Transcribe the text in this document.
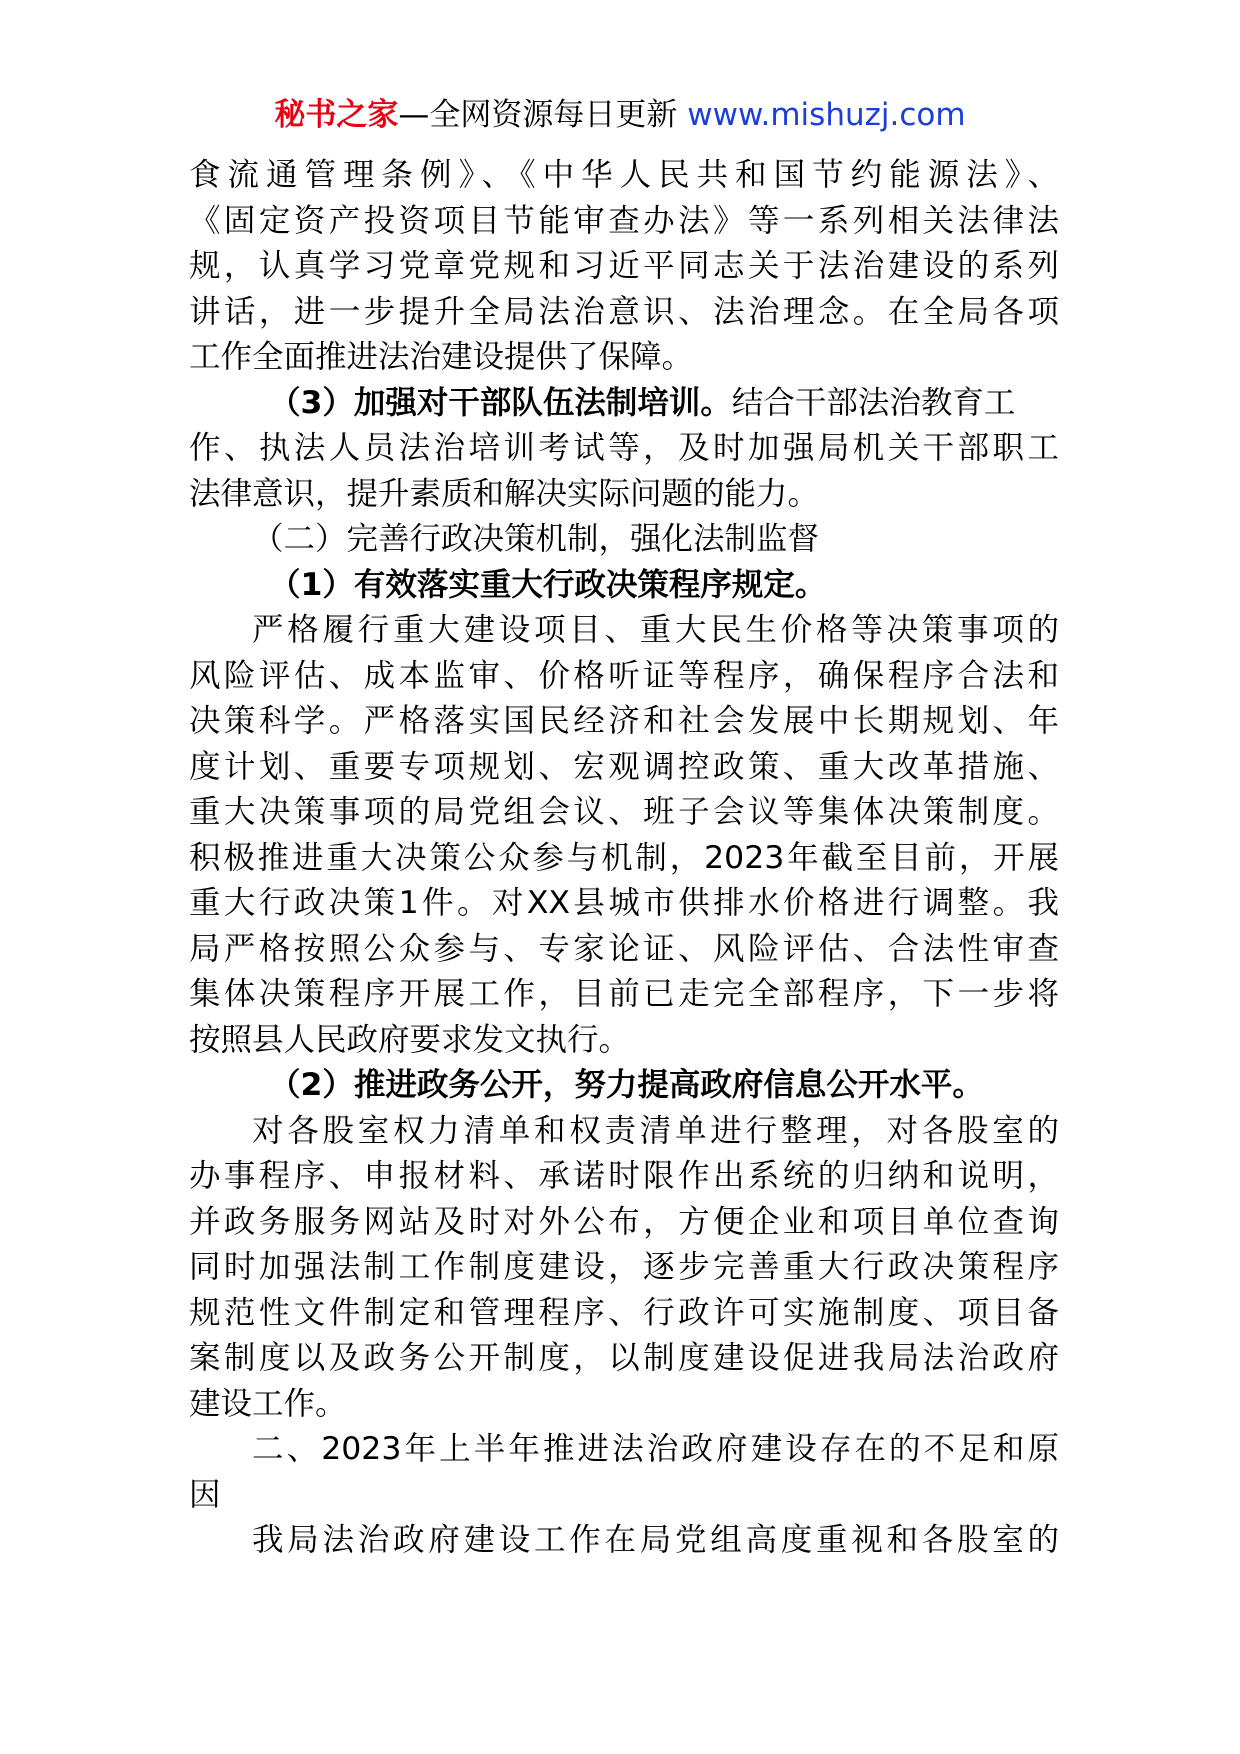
秘书之家—全网资源每日更新 www.mishuzj.com
食流通管理条例》、《中华人民共和国节约能源法》、
《固定资产投资项目节能审查办法》等一系列相关法律法
规，认真学习党章党规和习近平同志关于法治建设的系列
讲话，进一步提升全局法治意识、法治理念。在全局各项
工作全面推进法治建设提供了保障。
（3）加强对干部队伍法制培训。结合干部法治教育工
作、执法人员法治培训考试等，及时加强局机关干部职工
法律意识，提升素质和解决实际问题的能力。
（二）完善行政决策机制，强化法制监督
（1）有效落实重大行政决策程序规定。
严格履行重大建设项目、重大民生价格等决策事项的
风险评估、成本监审、价格听证等程序，确保程序合法和
决策科学。严格落实国民经济和社会发展中长期规划、年
度计划、重要专项规划、宏观调控政策、重大改革措施、
重大决策事项的局党组会议、班子会议等集体决策制度。
积极推进重大决策公众参与机制，2023年截至目前，开展
重大行政决策1件。对XX县城市供排水价格进行调整。我
局严格按照公众参与、专家论证、风险评估、合法性审查
集体决策程序开展工作，目前已走完全部程序，下一步将
按照县人民政府要求发文执行。
（2）推进政务公开，努力提高政府信息公开水平。
对各股室权力清单和权责清单进行整理，对各股室的
办事程序、申报材料、承诺时限作出系统的归纳和说明，
并政务服务网站及时对外公布，方便企业和项目单位查询
同时加强法制工作制度建设，逐步完善重大行政决策程序
规范性文件制定和管理程序、行政许可实施制度、项目备
案制度以及政务公开制度，以制度建设促进我局法治政府
建设工作。
二、2023年上半年推进法治政府建设存在的不足和原
因
我局法治政府建设工作在局党组高度重视和各股室的
